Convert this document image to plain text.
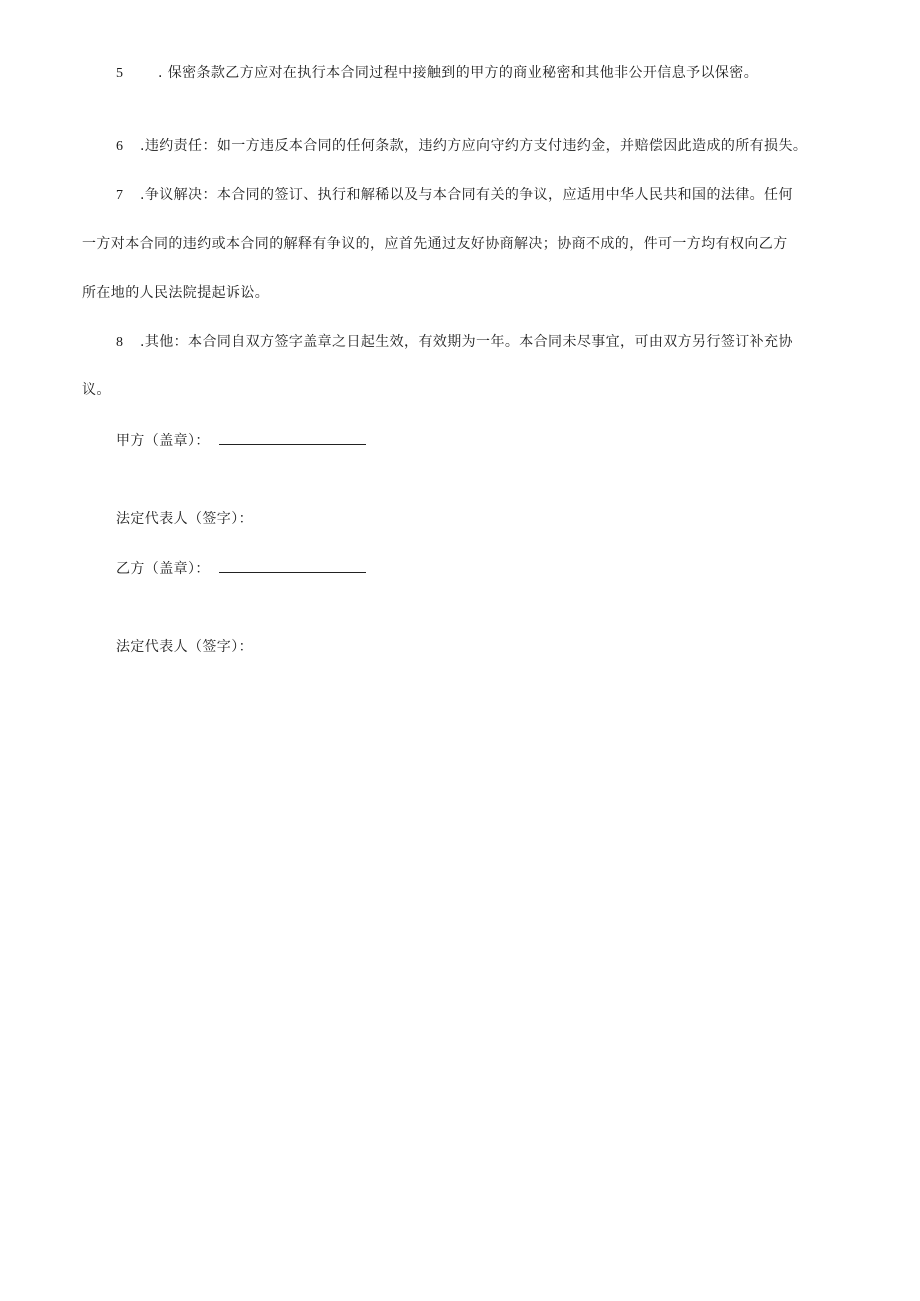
5 . 保密条款乙方应对在执行本合同过程中接触到的甲方的商业秘密和其他非公开信息予以保密。
6 .违约责任：如一方违反本合同的任何条款，违约方应向守约方支付违约金，并赔偿因此造成的所有损失。
7 .争议解决：本合同的签订、执行和解稀以及与本合同有关的争议，应适用中华人民共和国的法律。任何
一方对本合同的违约或本合同的解释有争议的，应首先通过友好协商解决；协商不成的，件可一方均有权向乙方
所在地的人民法院提起诉讼。
8 .其他：本合同自双方签字盖章之日起生效，有效期为一年。本合同未尽事宜，可由双方另行签订补充协
议。
甲方（盖章）：
法定代表人（签字）：
乙方（盖章）：
法定代表人（签字）：
